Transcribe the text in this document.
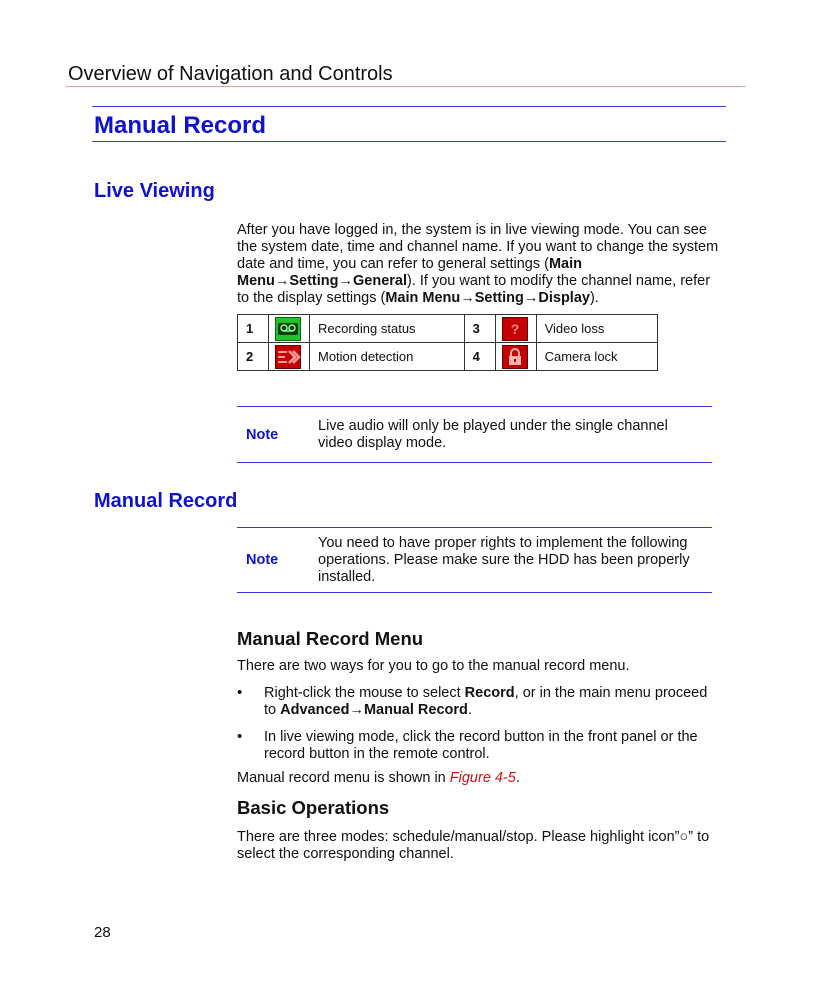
Overview of Navigation and Controls
Manual Record
Live Viewing
After you have logged in, the system is in live viewing mode. You can see
the system date, time and channel name. If you want to change the system
date and time, you can refer to general settings (Main
Menu→Setting→General). If you want to modify the channel name, refer
to the display settings (Main Menu→Setting→Display).
1		Recording status	3	?	Video loss
2		Motion detection	4		Camera lock
Note
Live audio will only be played under the single channel
video display mode.
Manual Record
Note
You need to have proper rights to implement the following
operations. Please make sure the HDD has been properly
installed.
Manual Record Menu
There are two ways for you to go to the manual record menu.
• Right-click the mouse to select Record, or in the main menu proceed
to Advanced→Manual Record.
• In live viewing mode, click the record button in the front panel or the
record button in the remote control.
Manual record menu is shown in Figure 4-5.
Basic Operations
There are three modes: schedule/manual/stop. Please highlight icon”○” to
select the corresponding channel.
28
